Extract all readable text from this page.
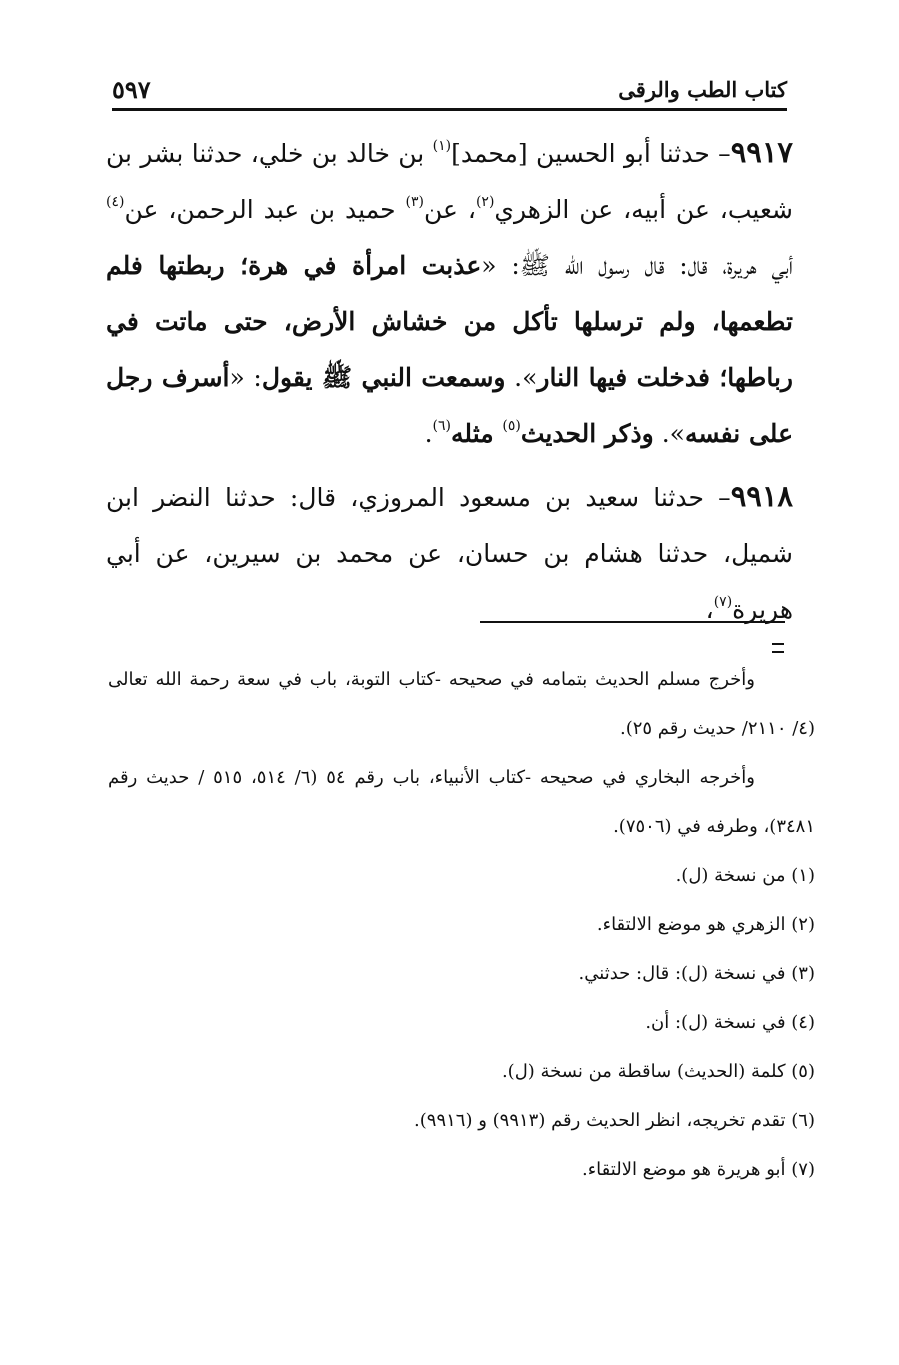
كتاب الطب والرقى
٥٩٧

٩٩١٧– حدثنا أبو الحسين [محمد]$^{(١)}$ بن خالد بن خلي، حدثنا بشر بن شعيب، عن أبيه، عن الزهري$^{(٢)}$، عن$^{(٣)}$ حميد بن عبد الرحمن، عن$^{(٤)}$ أبي هريرة، قال: قال رسول الله ﷺ: «عذبت امرأة في هرة؛ ربطتها فلم تطعمها، ولم ترسلها تأكل من خشاش الأرض، حتى ماتت في رباطها؛ فدخلت فيها النار». وسمعت النبي ﷺ يقول: «أسرف رجل على نفسه». وذكر الحديث$^{(٥)}$ مثله$^{(٦)}$.

٩٩١٨– حدثنا سعيد بن مسعود المروزي، قال: حدثنا النضر ابن شميل، حدثنا هشام بن حسان، عن محمد بن سيرين، عن أبي هريرة$^{(٧)}$،

وأخرج مسلم الحديث بتمامه في صحيحه -كتاب التوبة، باب في سعة رحمة الله تعالى (٤/ ٢١١٠/ حديث رقم ٢٥).

وأخرجه البخاري في صحيحه -كتاب الأنبياء، باب رقم ٥٤ (٦/ ٥١٤، ٥١٥ / حديث رقم ٣٤٨١)، وطرفه في (٧٥٠٦).

(١) من نسخة (ل).

(٢) الزهري هو موضع الالتقاء.

(٣) في نسخة (ل): قال: حدثني.

(٤) في نسخة (ل): أن.

(٥) كلمة (الحديث) ساقطة من نسخة (ل).

(٦) تقدم تخريجه، انظر الحديث رقم (٩٩١٣) و (٩٩١٦).

(٧) أبو هريرة هو موضع الالتقاء.
